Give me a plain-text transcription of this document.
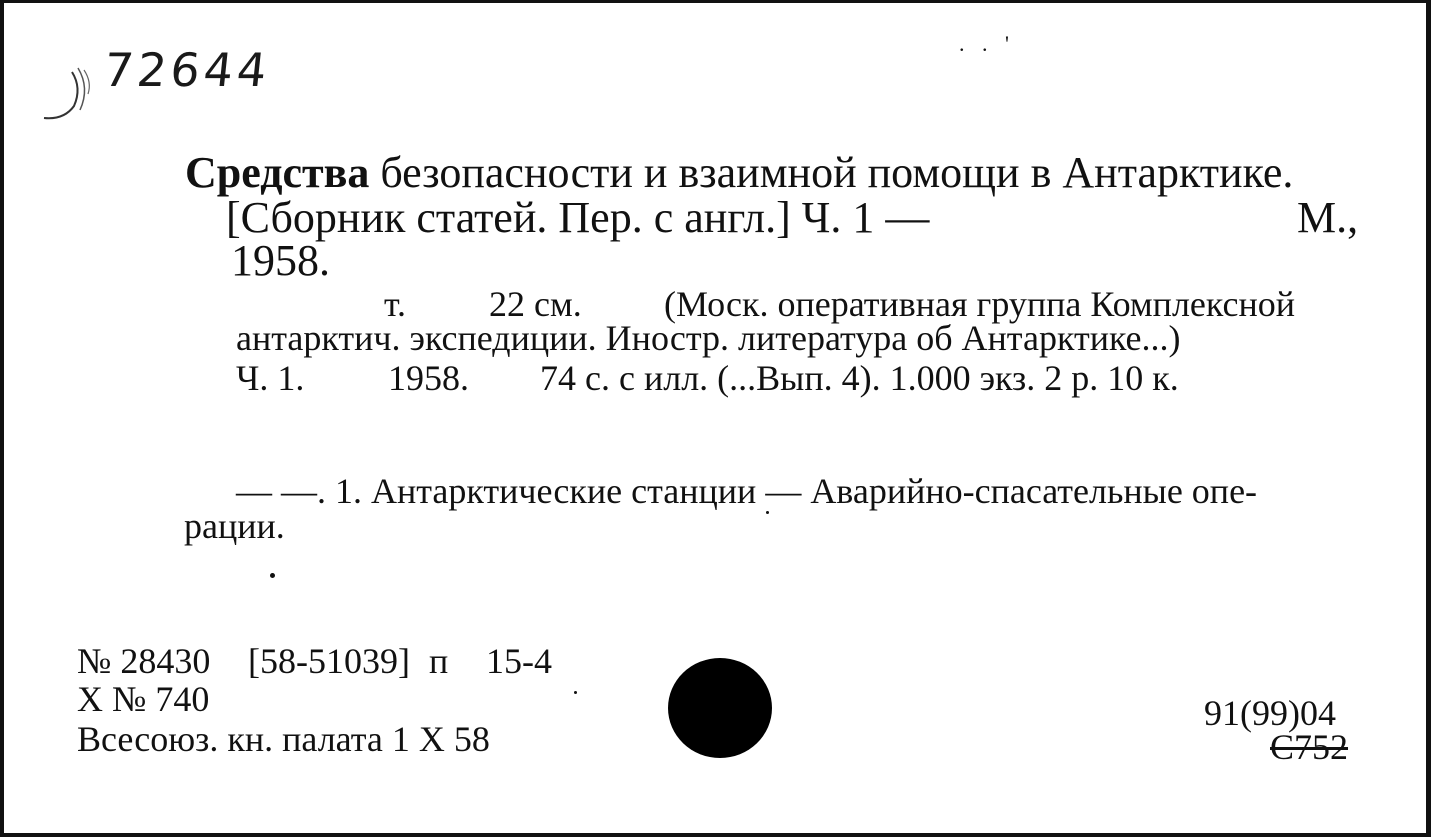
72644	. . '
Средства безопасности и взаимной помощи в Антарктике.
[Сборник статей. Пер. с англ.] Ч. 1 —	М.,
1958.
т. 22 см. (Моск. оперативная группа Комплексной
антарктич. экспедиции. Иностр. литература об Антарктике...)
Ч. 1. 1958. 74 с. с илл. (...Вып. 4). 1.000 экз. 2 р. 10 к.
— —. 1. Антарктические станции — Аварийно-спасательные опе-
рации.
№ 28430 [58-51039] п 15-4
X № 740
Всесоюз. кн. палата 1 X 58
91(99)04
С752
